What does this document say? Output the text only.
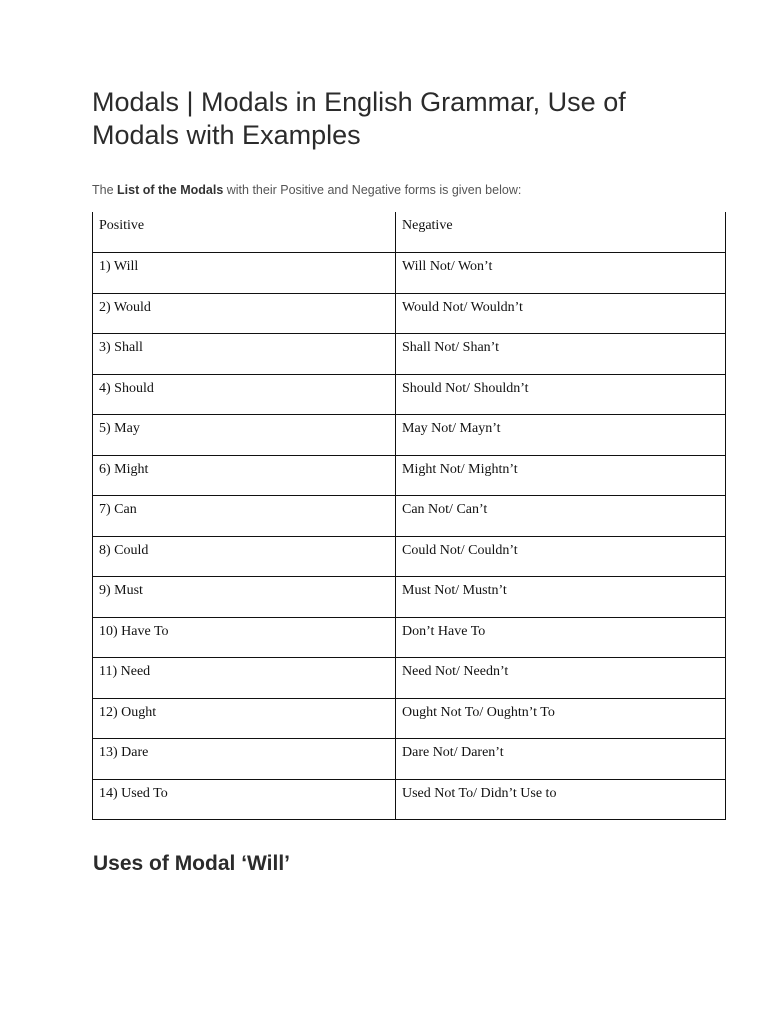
Modals | Modals in English Grammar, Use of Modals with Examples

The List of the Modals with their Positive and Negative forms is given below:

Positive	Negative

1) Will	Will Not/ Won’t

2) Would	Would Not/ Wouldn’t

3) Shall	Shall Not/ Shan’t

4) Should	Should Not/ Shouldn’t

5) May	May Not/ Mayn’t

6) Might	Might Not/ Mightn’t

7) Can	Can Not/ Can’t

8) Could	Could Not/ Couldn’t

9) Must	Must Not/ Mustn’t

10) Have To	Don’t Have To

11) Need	Need Not/ Needn’t

12) Ought	Ought Not To/ Oughtn’t To

13) Dare	Dare Not/ Daren’t

14) Used To	Used Not To/ Didn’t Use to
Uses of Modal ‘Will’
